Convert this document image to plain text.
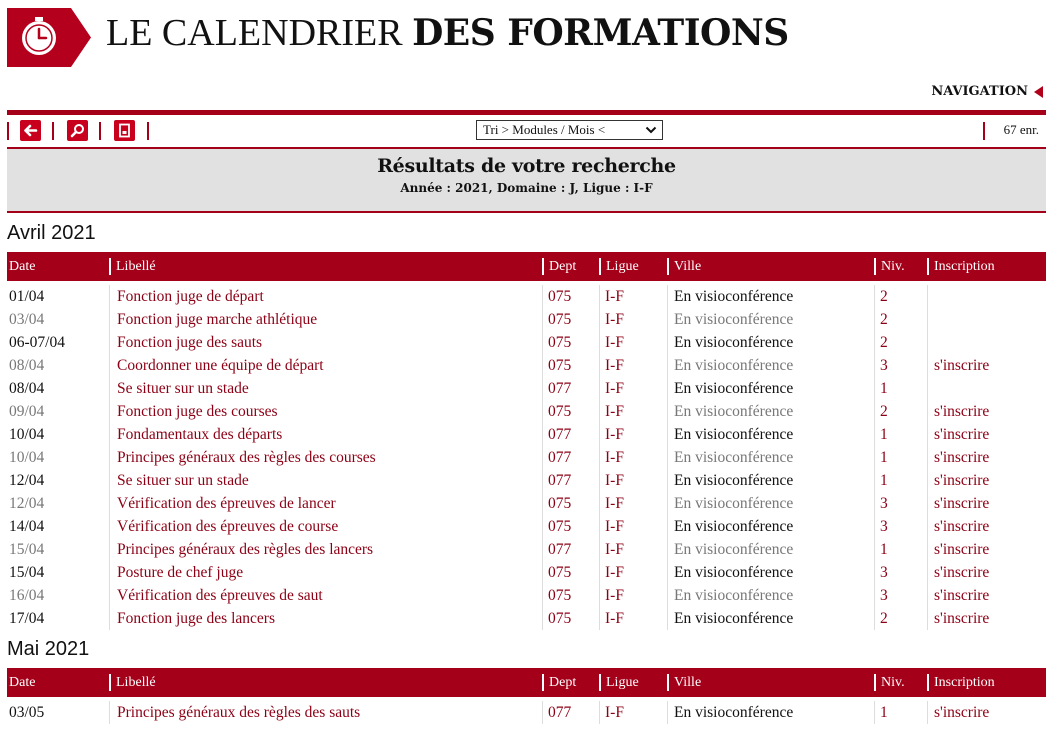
LE CALENDRIER DES FORMATIONS
NAVIGATION
Tri > Modules / Mois <	67 enr.
Résultats de votre recherche

Année : 2021, Domaine : J, Ligue : I-F

Avril 2021
Date	Libellé	Dept	Ligue	Ville	Niv.	Inscription
01/04	Fonction juge de départ	075	I-F	En visioconférence	2
03/04	Fonction juge marche athlétique	075	I-F	En visioconférence	2
06-07/04	Fonction juge des sauts	075	I-F	En visioconférence	2
08/04	Coordonner une équipe de départ	075	I-F	En visioconférence	3	s'inscrire
08/04	Se situer sur un stade	077	I-F	En visioconférence	1
09/04	Fonction juge des courses	075	I-F	En visioconférence	2	s'inscrire
10/04	Fondamentaux des départs	077	I-F	En visioconférence	1	s'inscrire
10/04	Principes généraux des règles des courses	077	I-F	En visioconférence	1	s'inscrire
12/04	Se situer sur un stade	077	I-F	En visioconférence	1	s'inscrire
12/04	Vérification des épreuves de lancer	075	I-F	En visioconférence	3	s'inscrire
14/04	Vérification des épreuves de course	075	I-F	En visioconférence	3	s'inscrire
15/04	Principes généraux des règles des lancers	077	I-F	En visioconférence	1	s'inscrire
15/04	Posture de chef juge	075	I-F	En visioconférence	3	s'inscrire
16/04	Vérification des épreuves de saut	075	I-F	En visioconférence	3	s'inscrire
17/04	Fonction juge des lancers	075	I-F	En visioconférence	2	s'inscrire
Mai 2021
Date	Libellé	Dept	Ligue	Ville	Niv.	Inscription
03/05	Principes généraux des règles des sauts	077	I-F	En visioconférence	1	s'inscrire
